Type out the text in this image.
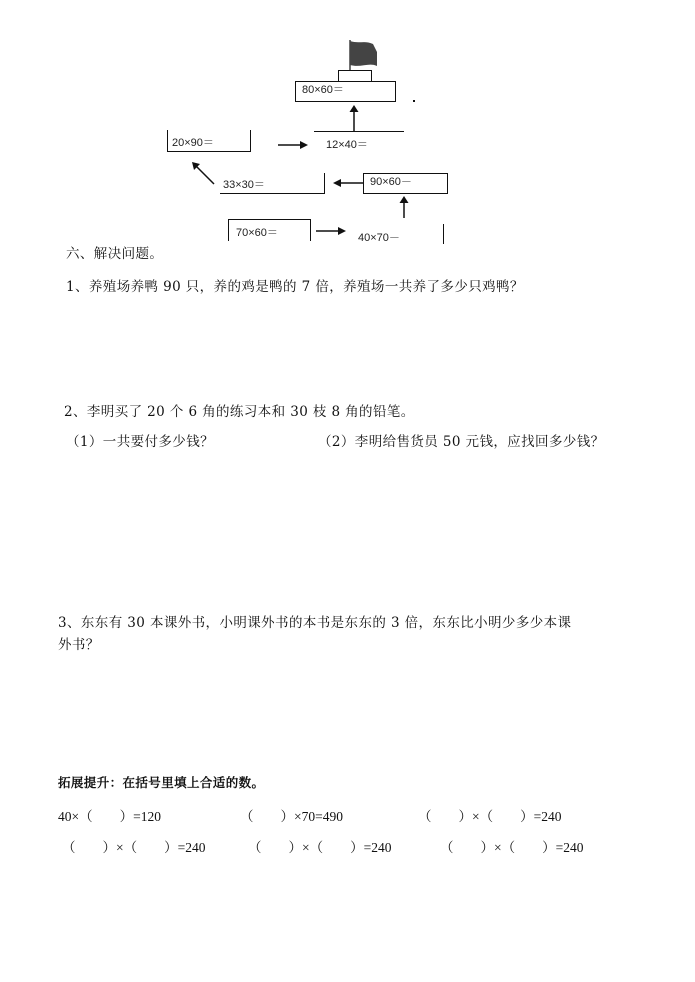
80×60＝
20×90＝	12×40＝
33×30＝	90×60－
70×60＝	40×70－
六、解决问题。
1、养殖场养鸭 90 只，养的鸡是鸭的 7 倍，养殖场一共养了多少只鸡鸭？
2、李明买了 20 个 6 角的练习本和 30 枝 8 角的铅笔。
（1）一共要付多少钱？	（2）李明给售货员 50 元钱，应找回多少钱？
3、东东有 30 本课外书，小明课外书的本书是东东的 3 倍，东东比小明少多少本课
外书？
拓展提升：在括号里填上合适的数。
40×（　　）=120	（　　）×70=490	（　　）×（　　）=240
（　　）×（　　）=240	（　　）×（　　）=240	（　　）×（　　）=240
